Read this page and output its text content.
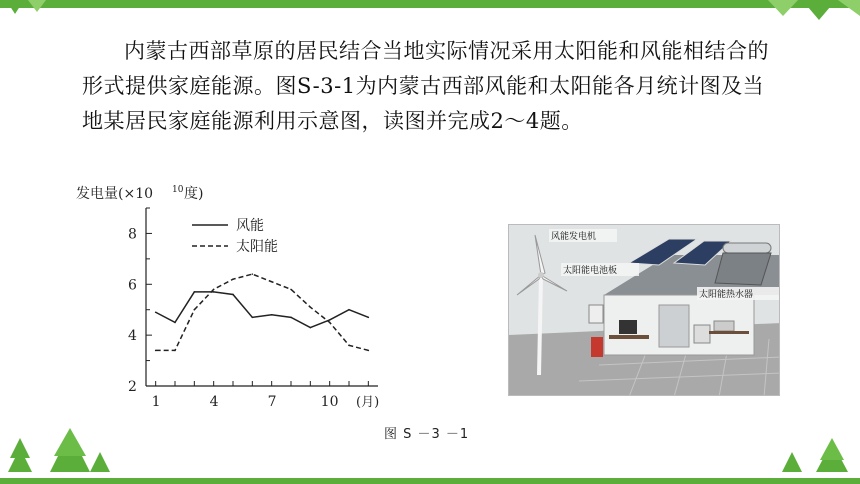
内蒙古西部草原的居民结合当地实际情况采用太阳能和风能相结合的形式提供家庭能源。图S-3-1为内蒙古西部风能和太阳能各月统计图及当地某居民家庭能源利用示意图，读图并完成2～4题。

发电量(×10 10 度)
2
4
6
8
1	4	7	10
风能
太阳能
(月)
图 S －3 －1
风能发电机
太阳能电池板
太阳能热水器
